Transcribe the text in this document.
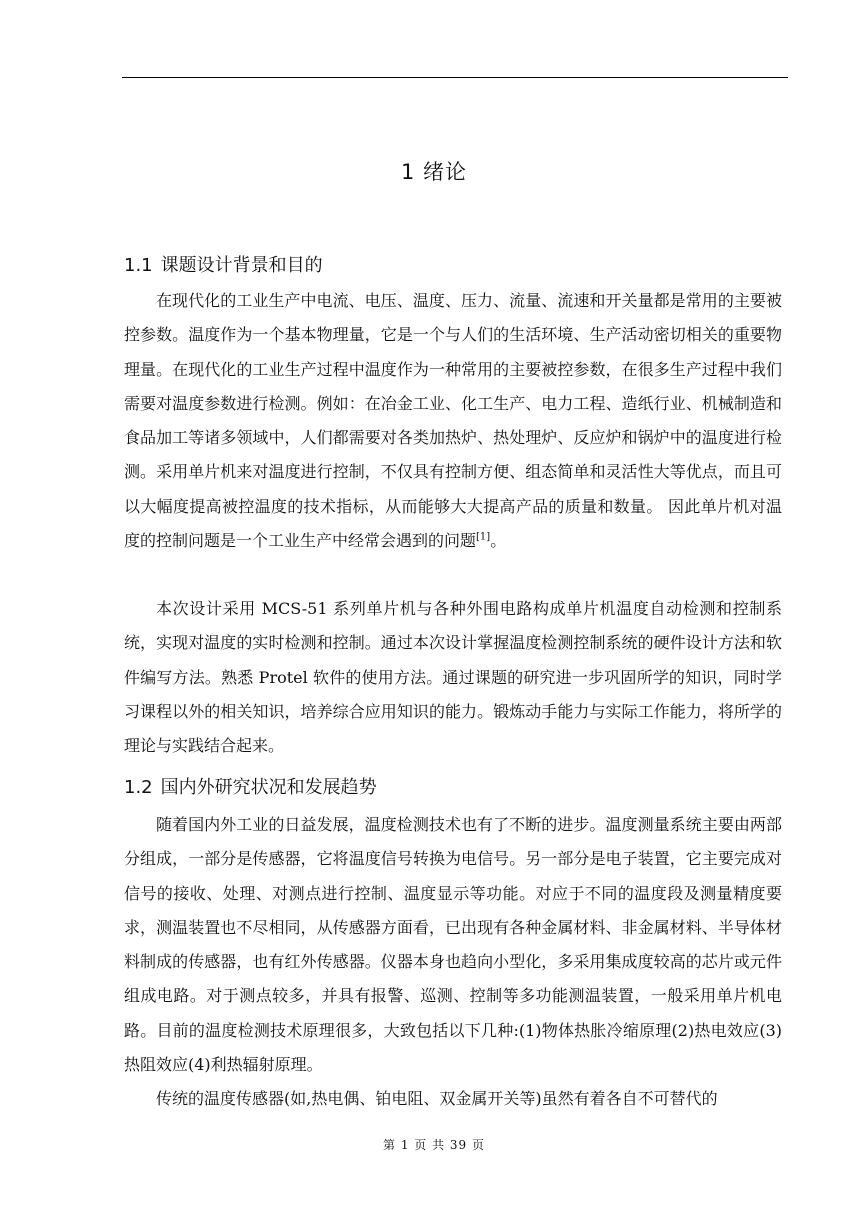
1 绪论
1.1 课题设计背景和目的

在现代化的工业生产中电流、电压、温度、压力、流量、流速和开关量都是常用的主要被控参数。温度作为一个基本物理量，它是一个与人们的生活环境、生产活动密切相关的重要物理量。在现代化的工业生产过程中温度作为一种常用的主要被控参数，在很多生产过程中我们需要对温度参数进行检测。例如：在冶金工业、化工生产、电力工程、造纸行业、机械制造和食品加工等诸多领域中，人们都需要对各类加热炉、热处理炉、反应炉和锅炉中的温度进行检测。采用单片机来对温度进行控制，不仅具有控制方便、组态简单和灵活性大等优点，而且可以大幅度提高被控温度的技术指标，从而能够大大提高产品的质量和数量。 因此单片机对温度的控制问题是一个工业生产中经常会遇到的问题[1]。

本次设计采用 MCS-51 系列单片机与各种外围电路构成单片机温度自动检测和控制系统，实现对温度的实时检测和控制。通过本次设计掌握温度检测控制系统的硬件设计方法和软件编写方法。熟悉 Protel 软件的使用方法。通过课题的研究进一步巩固所学的知识，同时学习课程以外的相关知识，培养综合应用知识的能力。锻炼动手能力与实际工作能力，将所学的理论与实践结合起来。

1.2 国内外研究状况和发展趋势

随着国内外工业的日益发展，温度检测技术也有了不断的进步。温度测量系统主要由两部分组成，一部分是传感器，它将温度信号转换为电信号。另一部分是电子装置，它主要完成对信号的接收、处理、对测点进行控制、温度显示等功能。对应于不同的温度段及测量精度要求，测温装置也不尽相同，从传感器方面看，已出现有各种金属材料、非金属材料、半导体材料制成的传感器，也有红外传感器。仪器本身也趋向小型化，多采用集成度较高的芯片或元件组成电路。对于测点较多，并具有报警、巡测、控制等多功能测温装置，一般采用单片机电路。目前的温度检测技术原理很多，大致包括以下几种:(1)物体热胀冷缩原理(2)热电效应(3)热阻效应(4)利热辐射原理。

传统的温度传感器(如,热电偶、铂电阻、双金属开关等)虽然有着各自不可替代的

第 1 页 共 39 页
